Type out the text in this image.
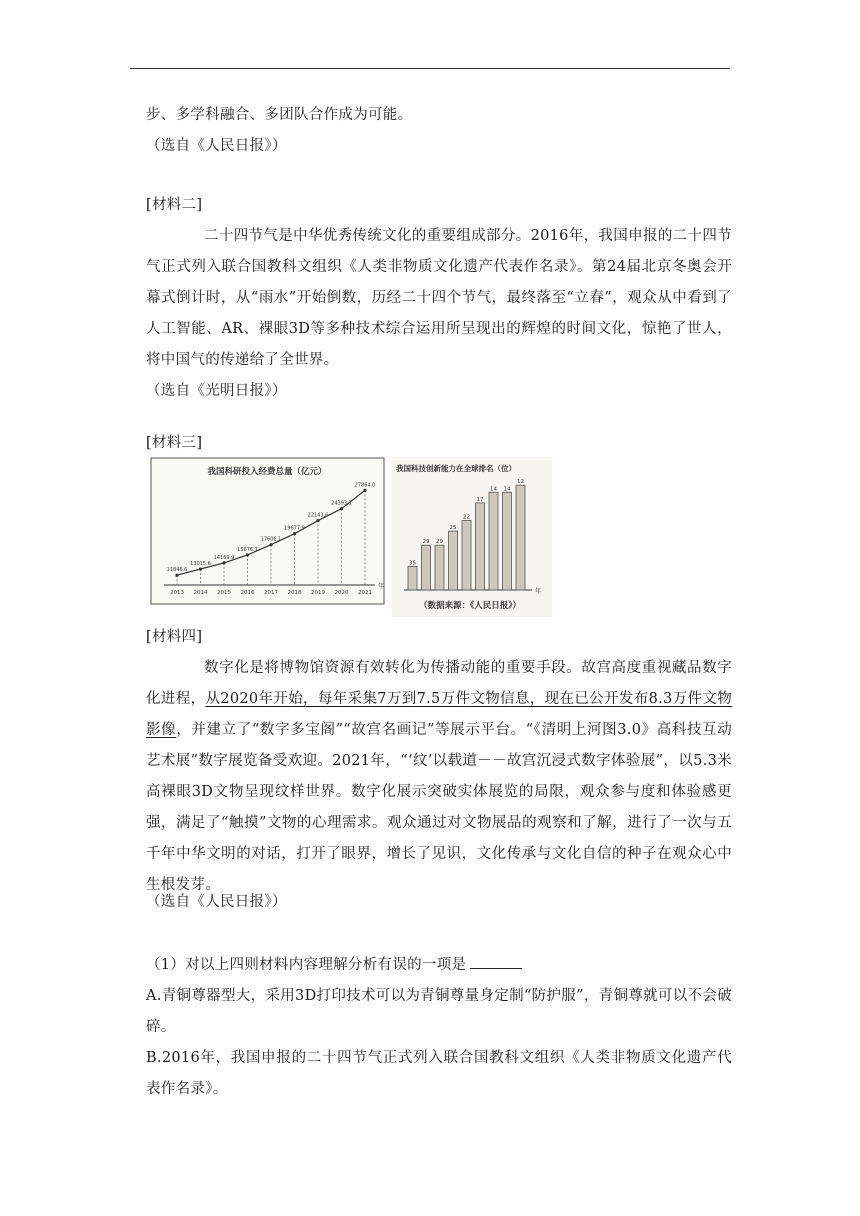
步、多学科融合、多团队合作成为可能。

（选自《人民日报》）

[材料二]

二十四节气是中华优秀传统文化的重要组成部分。2016年，我国申报的二十四节气正式列入联合国教科文组织《人类非物质文化遗产代表作名录》。第24届北京冬奥会开幕式倒计时，从“雨水”开始倒数，历经二十四个节气，最终落至“立春”，观众从中看到了人工智能、AR、裸眼3D等多种技术综合运用所呈现出的辉煌的时间文化，惊艳了世人，将中国气的传递给了全世界。

（选自《光明日报》）

[材料三]

我国科研投入经费总量（亿元）
年
11846.6
2013
13015.6
2014
14169.9
2015
15676.7
2016
17606.1
2017
19677.9
2018
22143.6
2019
24393.1
2020
27864.0
2021
我国科技创新能力在全球排名（位）
年
35
29 29
25
22
17
14 14
12
（数据来源：《人民日报》）

[材料四]

数字化是将博物馆资源有效转化为传播动能的重要手段。故宫高度重视藏品数字化进程，从2020年开始，每年采集7万到7.5万件文物信息，现在已公开发布8.3万件文物影像，并建立了“数字多宝阁”“故宫名画记”等展示平台。“《清明上河图3.0》高科技互动艺术展”数字展览备受欢迎。2021年，“‘纹’以载道－－故宫沉浸式数字体验展”，以5.3米高裸眼3D文物呈现纹样世界。数字化展示突破实体展览的局限，观众参与度和体验感更强，满足了“触摸”文物的心理需求。观众通过对文物展品的观察和了解，进行了一次与五千年中华文明的对话，打开了眼界，增长了见识，文化传承与文化自信的种子在观众心中生根发芽。

（选自《人民日报》）

（1）对以上四则材料内容理解分析有误的一项是

A.青铜尊器型大，采用3D打印技术可以为青铜尊量身定制“防护服”，青铜尊就可以不会破碎。

B.2016年，我国申报的二十四节气正式列入联合国教科文组织《人类非物质文化遗产代表作名录》。
